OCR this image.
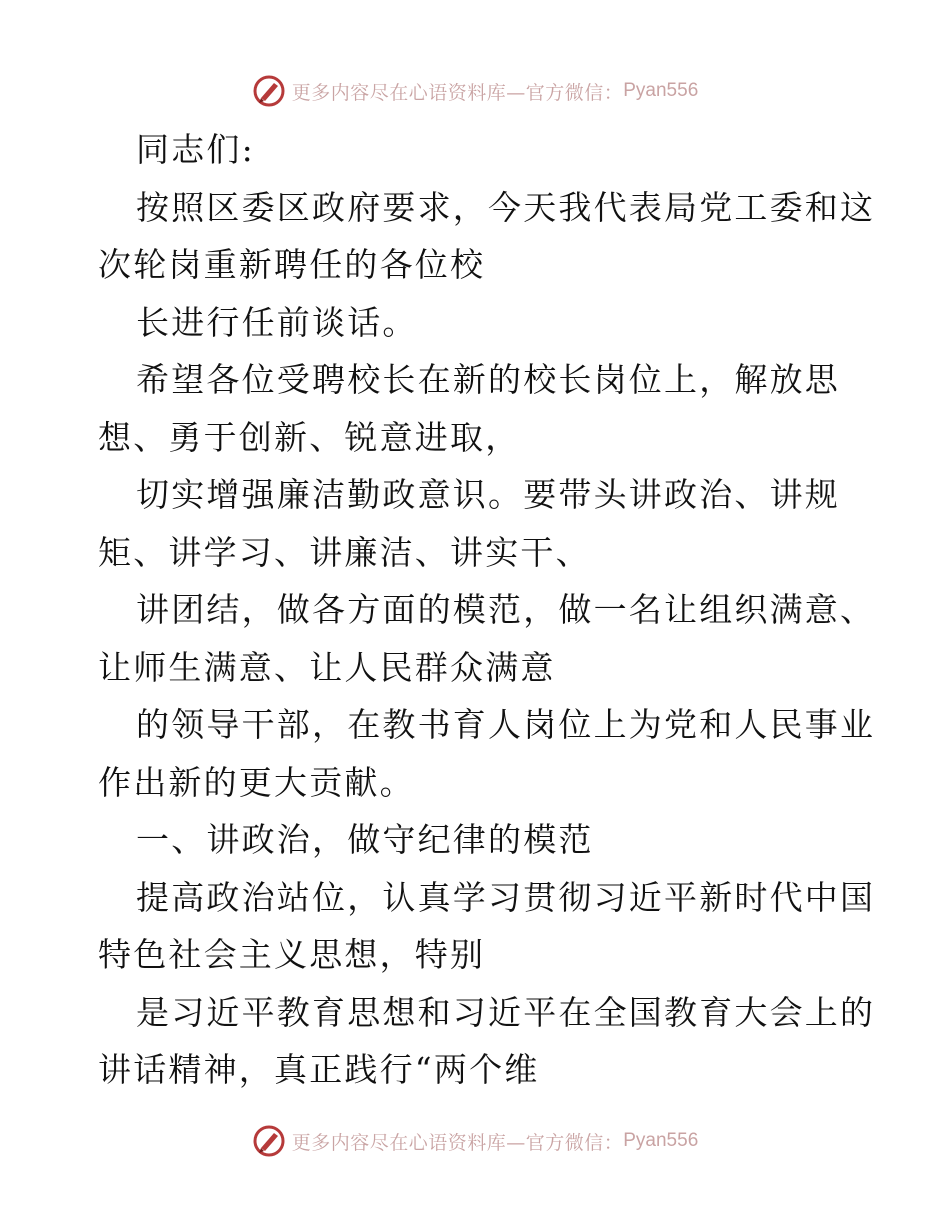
更多内容尽在心语资料库—官方微信： Pyan556
同志们:
按照区委区政府要求，今天我代表局党工委和这
次轮岗重新聘任的各位校
长进行任前谈话。
希望各位受聘校长在新的校长岗位上，解放思
想、勇于创新、锐意进取，
切实增强廉洁勤政意识。要带头讲政治、讲规
矩、讲学习、讲廉洁、讲实干、
讲团结，做各方面的模范，做一名让组织满意、
让师生满意、让人民群众满意
的领导干部，在教书育人岗位上为党和人民事业
作出新的更大贡献。
一、讲政治，做守纪律的模范
提高政治站位，认真学习贯彻习近平新时代中国
特色社会主义思想，特别
是习近平教育思想和习近平在全国教育大会上的
讲话精神，真正践行“两个维
更多内容尽在心语资料库—官方微信： Pyan556
